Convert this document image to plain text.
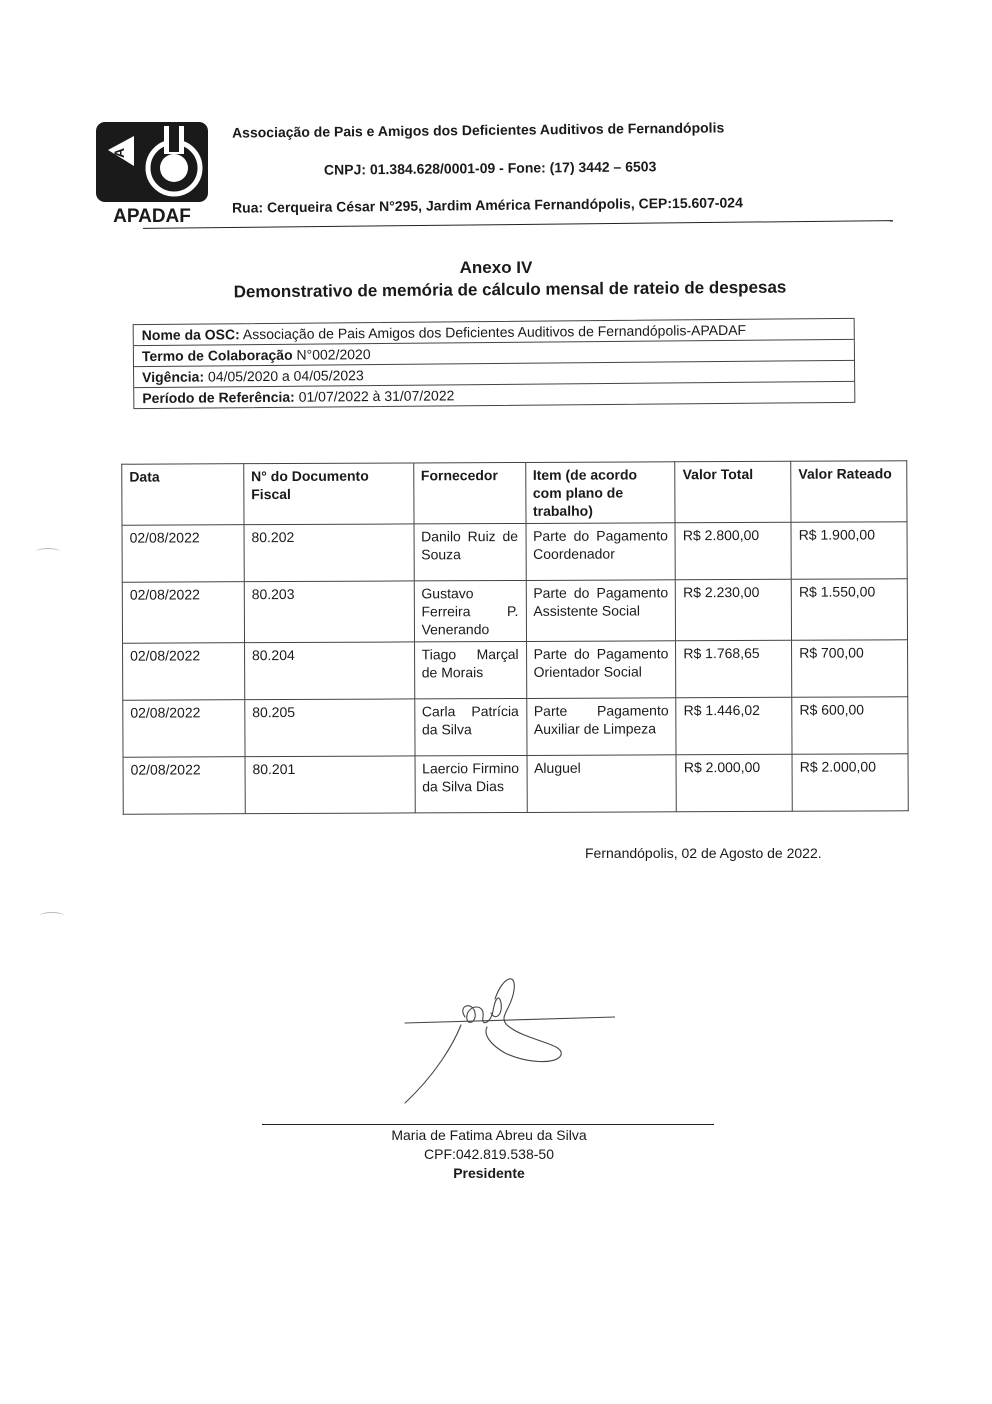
A
APADAF
Associação de Pais e Amigos dos Deficientes Auditivos de Fernandópolis
CNPJ: 01.384.628/0001-09 - Fone: (17) 3442 – 6503
Rua: Cerqueira César N°295, Jardim América Fernandópolis, CEP:15.607-024
Anexo IV
Demonstrativo de memória de cálculo mensal de rateio de despesas
Nome da OSC: Associação de Pais Amigos dos Deficientes Auditivos de Fernandópolis-APADAF
Termo de Colaboração N°002/2020
Vigência: 04/05/2020 a 04/05/2023
Período de Referência: 01/07/2022 à 31/07/2022
Data	N° do Documento Fiscal	Fornecedor	Item (de acordo com plano de trabalho)	Valor Total	Valor Rateado
02/08/2022	80.202	Danilo Ruiz de Souza	Parte do Pagamento Coordenador	R$ 2.800,00	R$ 1.900,00
02/08/2022	80.203	Gustavo Ferreira P. Venerando	Parte do Pagamento Assistente Social	R$ 2.230,00	R$ 1.550,00
02/08/2022	80.204	Tiago Marçal de Morais	Parte do Pagamento Orientador Social	R$ 1.768,65	R$ 700,00
02/08/2022	80.205	Carla Patrícia da Silva	Parte Pagamento Auxiliar de Limpeza	R$ 1.446,02	R$ 600,00
02/08/2022	80.201	Laercio Firmino da Silva Dias	Aluguel	R$ 2.000,00	R$ 2.000,00
Fernandópolis, 02 de Agosto de 2022.
Maria de Fatima Abreu da Silva
CPF:042.819.538-50
Presidente
